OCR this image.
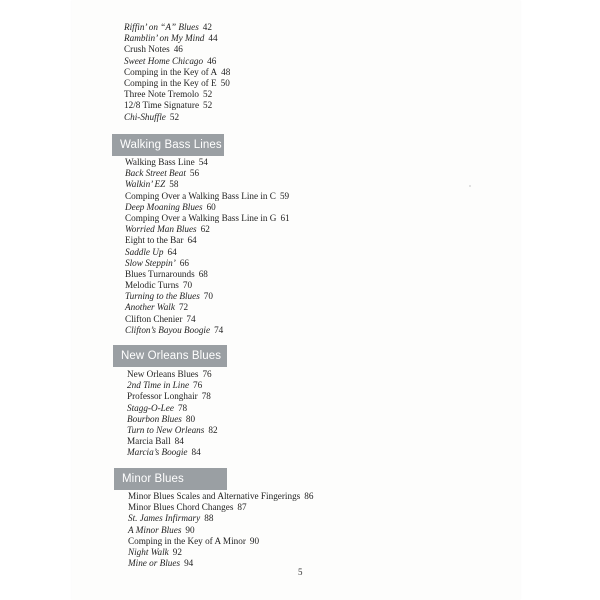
Riffin’ on “A” Blues 42
Ramblin’ on My Mind 44
Crush Notes 46
Sweet Home Chicago 46
Comping in the Key of A 48
Comping in the Key of E 50
Three Note Tremolo 52
12/8 Time Signature 52
Chi-Shuffle 52
Walking Bass Lines
Walking Bass Line 54
Back Street Beat 56
Walkin’ EZ 58
Comping Over a Walking Bass Line in C 59
Deep Moaning Blues 60
Comping Over a Walking Bass Line in G 61
Worried Man Blues 62
Eight to the Bar 64
Saddle Up 64
Slow Steppin’ 66
Blues Turnarounds 68
Melodic Turns 70
Turning to the Blues 70
Another Walk 72
Clifton Chenier 74
Clifton’s Bayou Boogie 74
New Orleans Blues
New Orleans Blues 76
2nd Time in Line 76
Professor Longhair 78
Stagg-O-Lee 78
Bourbon Blues 80
Turn to New Orleans 82
Marcia Ball 84
Marcia’s Boogie 84
Minor Blues
Minor Blues Scales and Alternative Fingerings 86
Minor Blues Chord Changes 87
St. James Infirmary 88
A Minor Blues 90
Comping in the Key of A Minor 90
Night Walk 92
Mine or Blues 94
5
